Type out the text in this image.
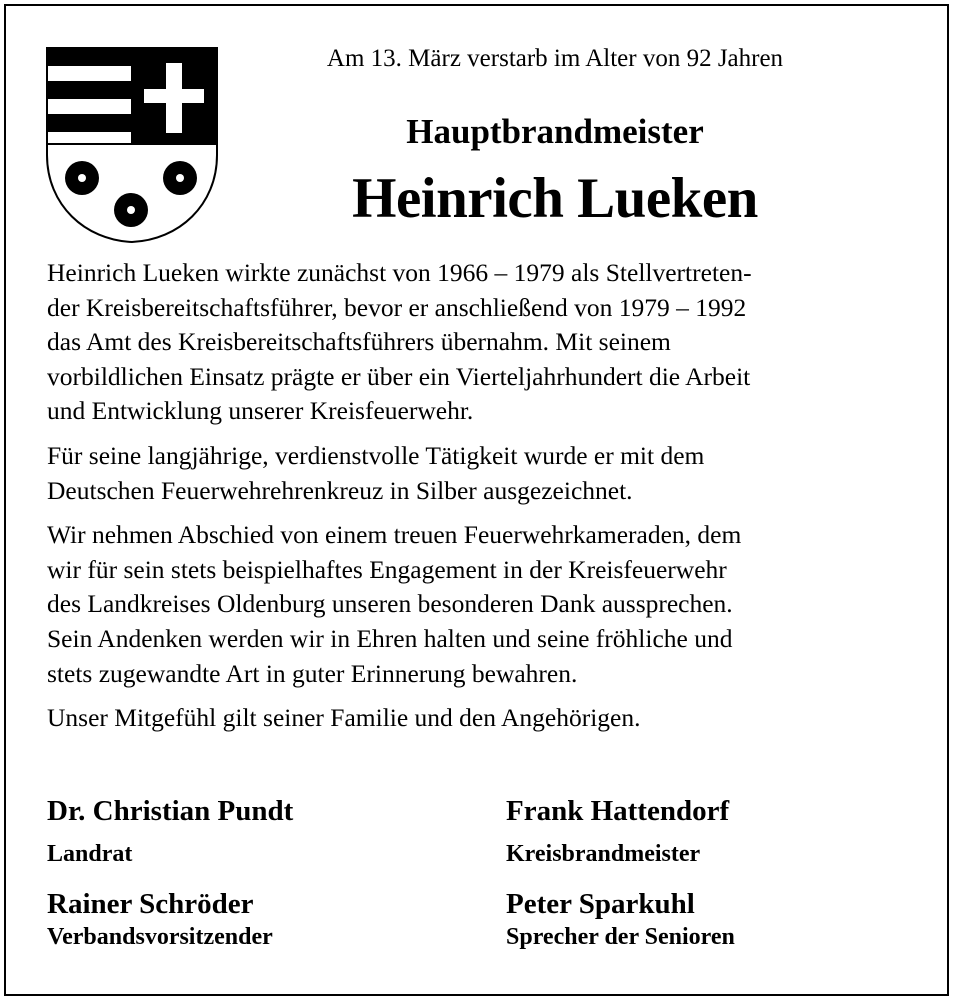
Am 13. März verstarb im Alter von 92 Jahren
Hauptbrandmeister
Heinrich Lueken

Heinrich Lueken wirkte zunächst von 1966 – 1979 als Stellvertreten-
der Kreisbereitschaftsführer, bevor er anschließend von 1979 – 1992
das Amt des Kreisbereitschaftsführers übernahm. Mit seinem
vorbildlichen Einsatz prägte er über ein Vierteljahrhundert die Arbeit
und Entwicklung unserer Kreisfeuerwehr.

Für seine langjährige, verdienstvolle Tätigkeit wurde er mit dem
Deutschen Feuerwehrehrenkreuz in Silber ausgezeichnet.

Wir nehmen Abschied von einem treuen Feuerwehrkameraden, dem
wir für sein stets beispielhaftes Engagement in der Kreisfeuerwehr
des Landkreises Oldenburg unseren besonderen Dank aussprechen.
Sein Andenken werden wir in Ehren halten und seine fröhliche und
stets zugewandte Art in guter Erinnerung bewahren.

Unser Mitgefühl gilt seiner Familie und den Angehörigen.

Dr. Christian Pundt
Landrat
Frank Hattendorf
Kreisbrandmeister
Rainer Schröder
Verbandsvorsitzender
Peter Sparkuhl
Sprecher der Senioren
